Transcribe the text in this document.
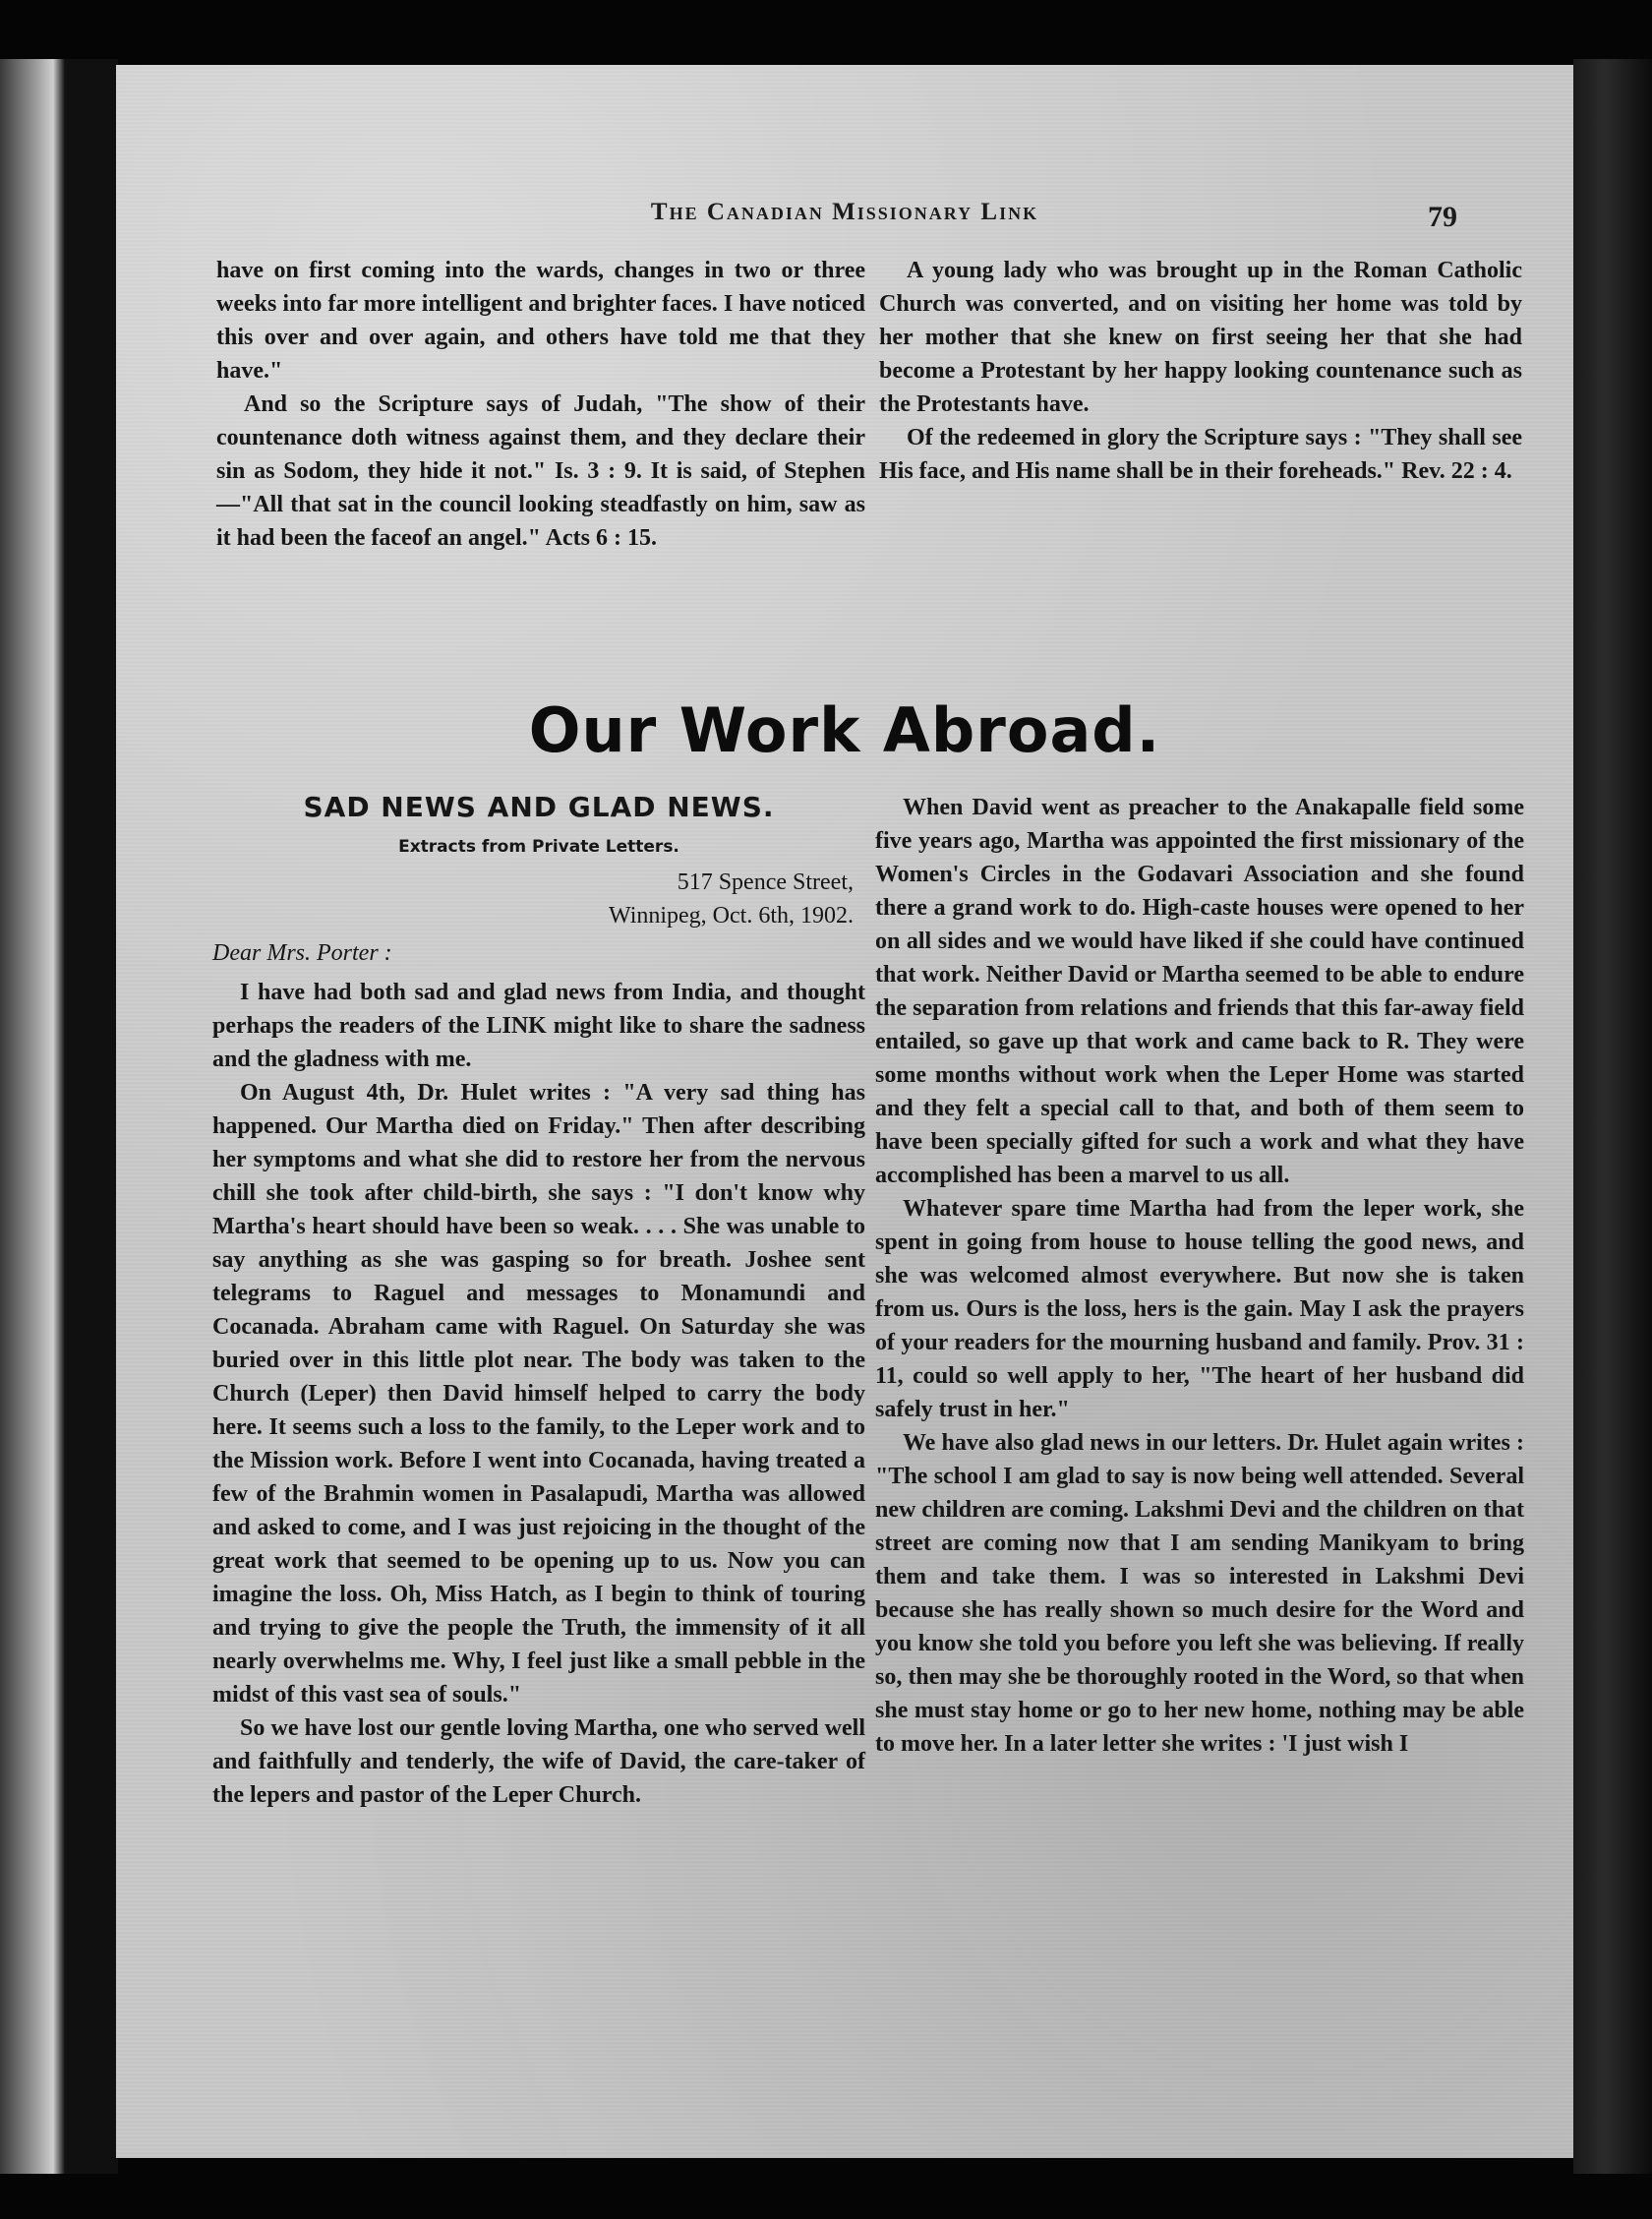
The Canadian Missionary Link	79

have on first coming into the wards, changes in two or three weeks into far more intelligent and brighter faces. I have noticed this over and over again, and others have told me that they have."

And so the Scripture says of Judah, "The show of their countenance doth witness against them, and they declare their sin as Sodom, they hide it not." Is. 3 : 9. It is said, of Stephen—"All that sat in the council looking steadfastly on him, saw as it had been the faceof an angel." Acts 6 : 15.

A young lady who was brought up in the Roman Catholic Church was converted, and on visiting her home was told by her mother that she knew on first seeing her that she had become a Protestant by her happy looking countenance such as the Protestants have.

Of the redeemed in glory the Scripture says : "They shall see His face, and His name shall be in their foreheads." Rev. 22 : 4.

Our Work Abroad.
SAD NEWS AND GLAD NEWS.
Extracts from Private Letters.
517 Spence Street,
Winnipeg, Oct. 6th, 1902.
Dear Mrs. Porter :

I have had both sad and glad news from India, and thought perhaps the readers of the LINK might like to share the sadness and the gladness with me.

On August 4th, Dr. Hulet writes : "A very sad thing has happened. Our Martha died on Friday." Then after describing her symptoms and what she did to restore her from the nervous chill she took after child-birth, she says : "I don't know why Martha's heart should have been so weak. . . . She was unable to say anything as she was gasping so for breath. Joshee sent telegrams to Raguel and messages to Monamundi and Cocanada. Abraham came with Raguel. On Saturday she was buried over in this little plot near. The body was taken to the Church (Leper) then David himself helped to carry the body here. It seems such a loss to the family, to the Leper work and to the Mission work. Before I went into Cocanada, having treated a few of the Brahmin women in Pasalapudi, Martha was allowed and asked to come, and I was just rejoicing in the thought of the great work that seemed to be opening up to us. Now you can imagine the loss. Oh, Miss Hatch, as I begin to think of touring and trying to give the people the Truth, the immensity of it all nearly overwhelms me. Why, I feel just like a small pebble in the midst of this vast sea of souls."

So we have lost our gentle loving Martha, one who served well and faithfully and tenderly, the wife of David, the care-taker of the lepers and pastor of the Leper Church.

When David went as preacher to the Anakapalle field some five years ago, Martha was appointed the first missionary of the Women's Circles in the Godavari Association and she found there a grand work to do. High-caste houses were opened to her on all sides and we would have liked if she could have continued that work. Neither David or Martha seemed to be able to endure the separation from relations and friends that this far-away field entailed, so gave up that work and came back to R. They were some months without work when the Leper Home was started and they felt a special call to that, and both of them seem to have been specially gifted for such a work and what they have accomplished has been a marvel to us all.

Whatever spare time Martha had from the leper work, she spent in going from house to house telling the good news, and she was welcomed almost everywhere. But now she is taken from us. Ours is the loss, hers is the gain. May I ask the prayers of your readers for the mourning husband and family. Prov. 31 : 11, could so well apply to her, "The heart of her husband did safely trust in her."

We have also glad news in our letters. Dr. Hulet again writes : "The school I am glad to say is now being well attended. Several new children are coming. Lakshmi Devi and the children on that street are coming now that I am sending Manikyam to bring them and take them. I was so interested in Lakshmi Devi because she has really shown so much desire for the Word and you know she told you before you left she was believing. If really so, then may she be thoroughly rooted in the Word, so that when she must stay home or go to her new home, nothing may be able to move her. In a later letter she writes : 'I just wish I
